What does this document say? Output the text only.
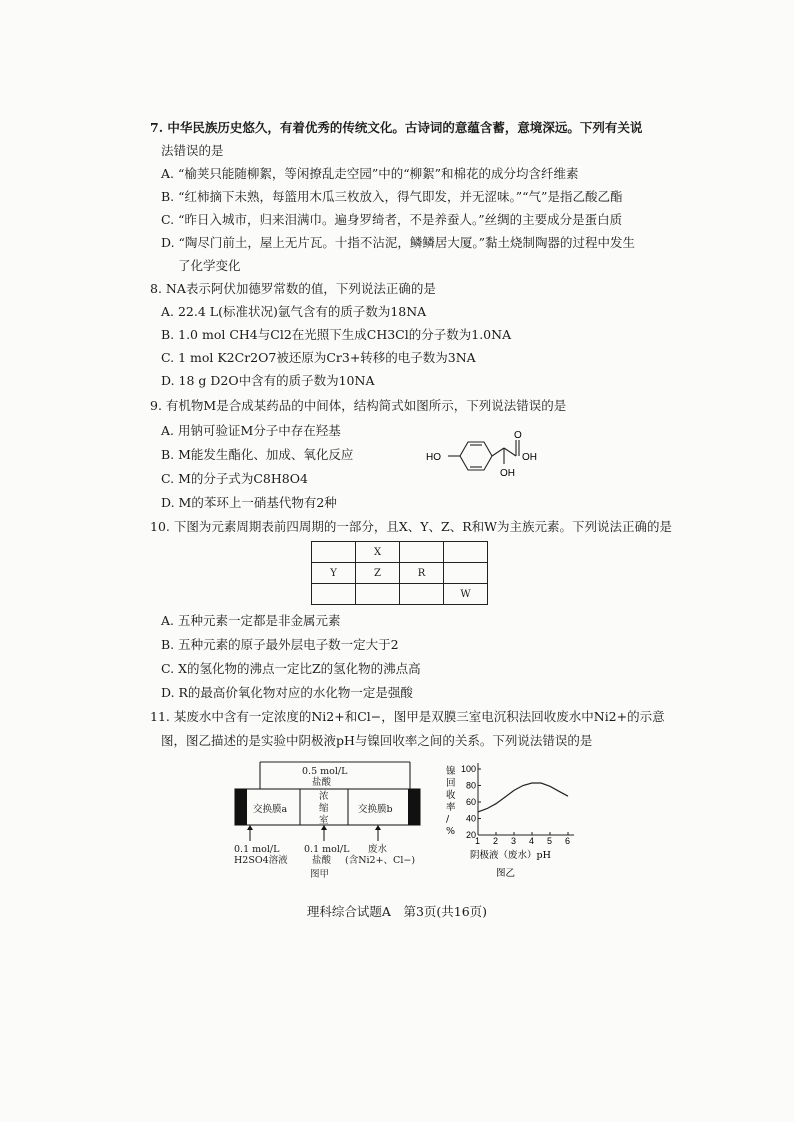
7. 中华民族历史悠久，有着优秀的传统文化。古诗词的意蕴含蓄，意境深远。下列有关说
法错误的是
A. “榆荚只能随柳絮，等闲撩乱走空园”中的“柳絮”和棉花的成分均含纤维素
B. “红柿摘下未熟，每篮用木瓜三枚放入，得气即发，并无涩味。”“气”是指乙酸乙酯
C. “昨日入城市，归来泪满巾。遍身罗绮者，不是养蚕人。”丝绸的主要成分是蛋白质
D. “陶尽门前土，屋上无片瓦。十指不沾泥，鳞鳞居大厦。”黏土烧制陶器的过程中发生
了化学变化
8. NA表示阿伏加德罗常数的值，下列说法正确的是
A. 22.4 L(标准状况)氩气含有的质子数为18NA
B. 1.0 mol CH4与Cl2在光照下生成CH3Cl的分子数为1.0NA
C. 1 mol K2Cr2O7被还原为Cr3+转移的电子数为3NA
D. 18 g D2O中含有的质子数为10NA
9. 有机物M是合成某药品的中间体，结构简式如图所示，下列说法错误的是
A. 用钠可验证M分子中存在羟基
B. M能发生酯化、加成、氧化反应
C. M的分子式为C8H8O4
D. M的苯环上一硝基代物有2种
HO
O
OH
OH
10. 下图为元素周期表前四周期的一部分，且X、Y、Z、R和W为主族元素。下列说法正确的是
	X		
Y	Z	R	
			W
A. 五种元素一定都是非金属元素
B. 五种元素的原子最外层电子数一定大于2
C. X的氢化物的沸点一定比Z的氢化物的沸点高
D. R的最高价氧化物对应的水化物一定是强酸
11. 某废水中含有一定浓度的Ni2+和Cl−，图甲是双膜三室电沉积法回收废水中Ni2+的示意
图，图乙描述的是实验中阴极液pH与镍回收率之间的关系。下列说法错误的是
0.5 mol/L
盐酸
浓
缩
室
交换膜a	交换膜b
0.1 mol/L
H2SO4溶液
0.1 mol/L
盐酸
废水
(含Ni2+、Cl−)
图甲
1 2 3 4 5 6
20
40
60
80
100
镍
回
收
率
/
%
阴极液（废水）pH
图乙
理科综合试题A　第3页(共16页)
